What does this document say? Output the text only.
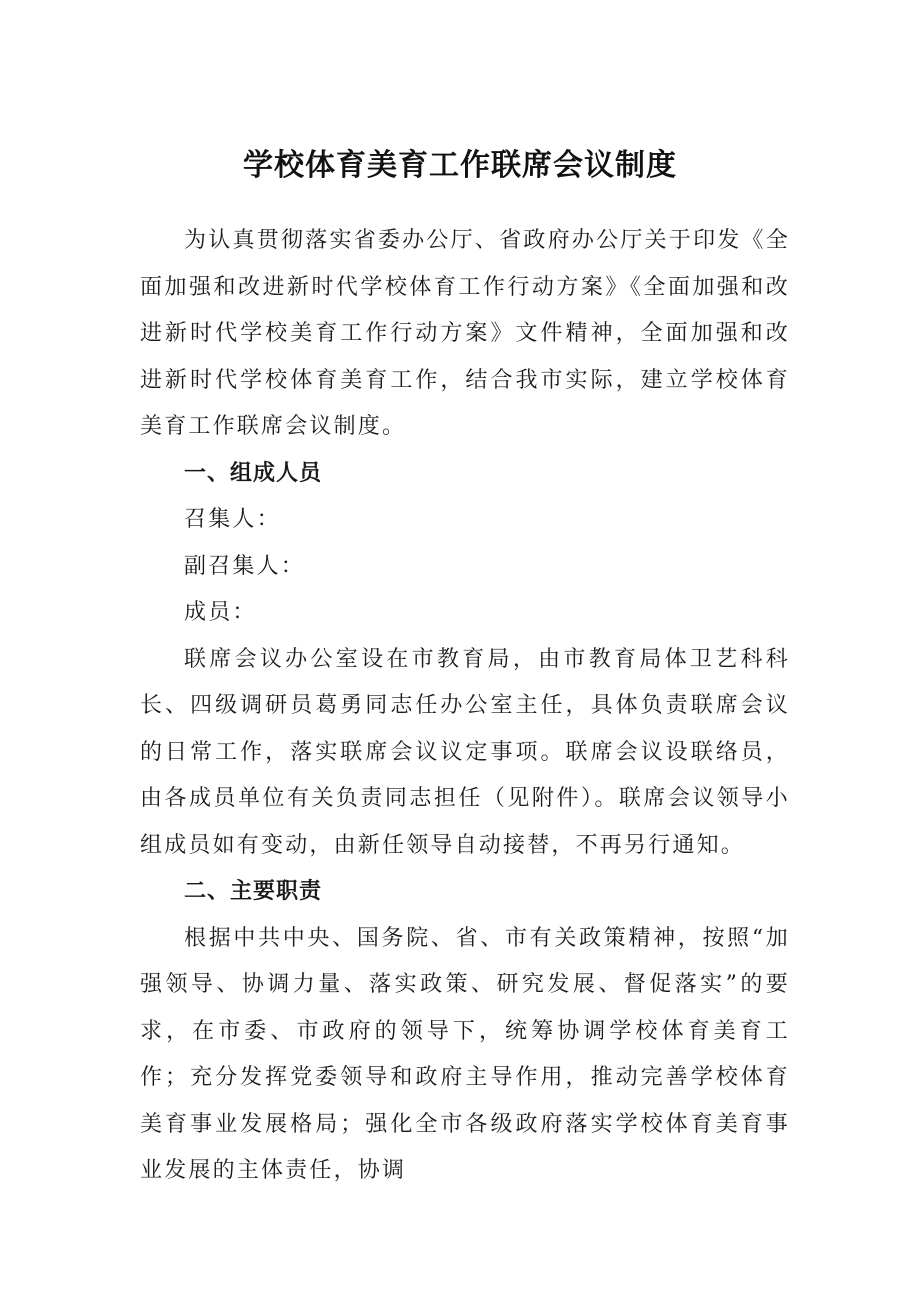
学校体育美育工作联席会议制度

为认真贯彻落实省委办公厅、省政府办公厅关于印发《全面加强和改进新时代学校体育工作行动方案》《全面加强和改进新时代学校美育工作行动方案》文件精神，全面加强和改进新时代学校体育美育工作，结合我市实际，建立学校体育美育工作联席会议制度。

一、组成人员

召集人：

副召集人：

成员：

联席会议办公室设在市教育局，由市教育局体卫艺科科长、四级调研员葛勇同志任办公室主任，具体负责联席会议的日常工作，落实联席会议议定事项。联席会议设联络员，由各成员单位有关负责同志担任（见附件）。联席会议领导小组成员如有变动，由新任领导自动接替，不再另行通知。

二、主要职责

根据中共中央、国务院、省、市有关政策精神，按照“加强领导、协调力量、落实政策、研究发展、督促落实”的要求，在市委、市政府的领导下，统筹协调学校体育美育工作；充分发挥党委领导和政府主导作用，推动完善学校体育美育事业发展格局；强化全市各级政府落实学校体育美育事业发展的主体责任，协调
